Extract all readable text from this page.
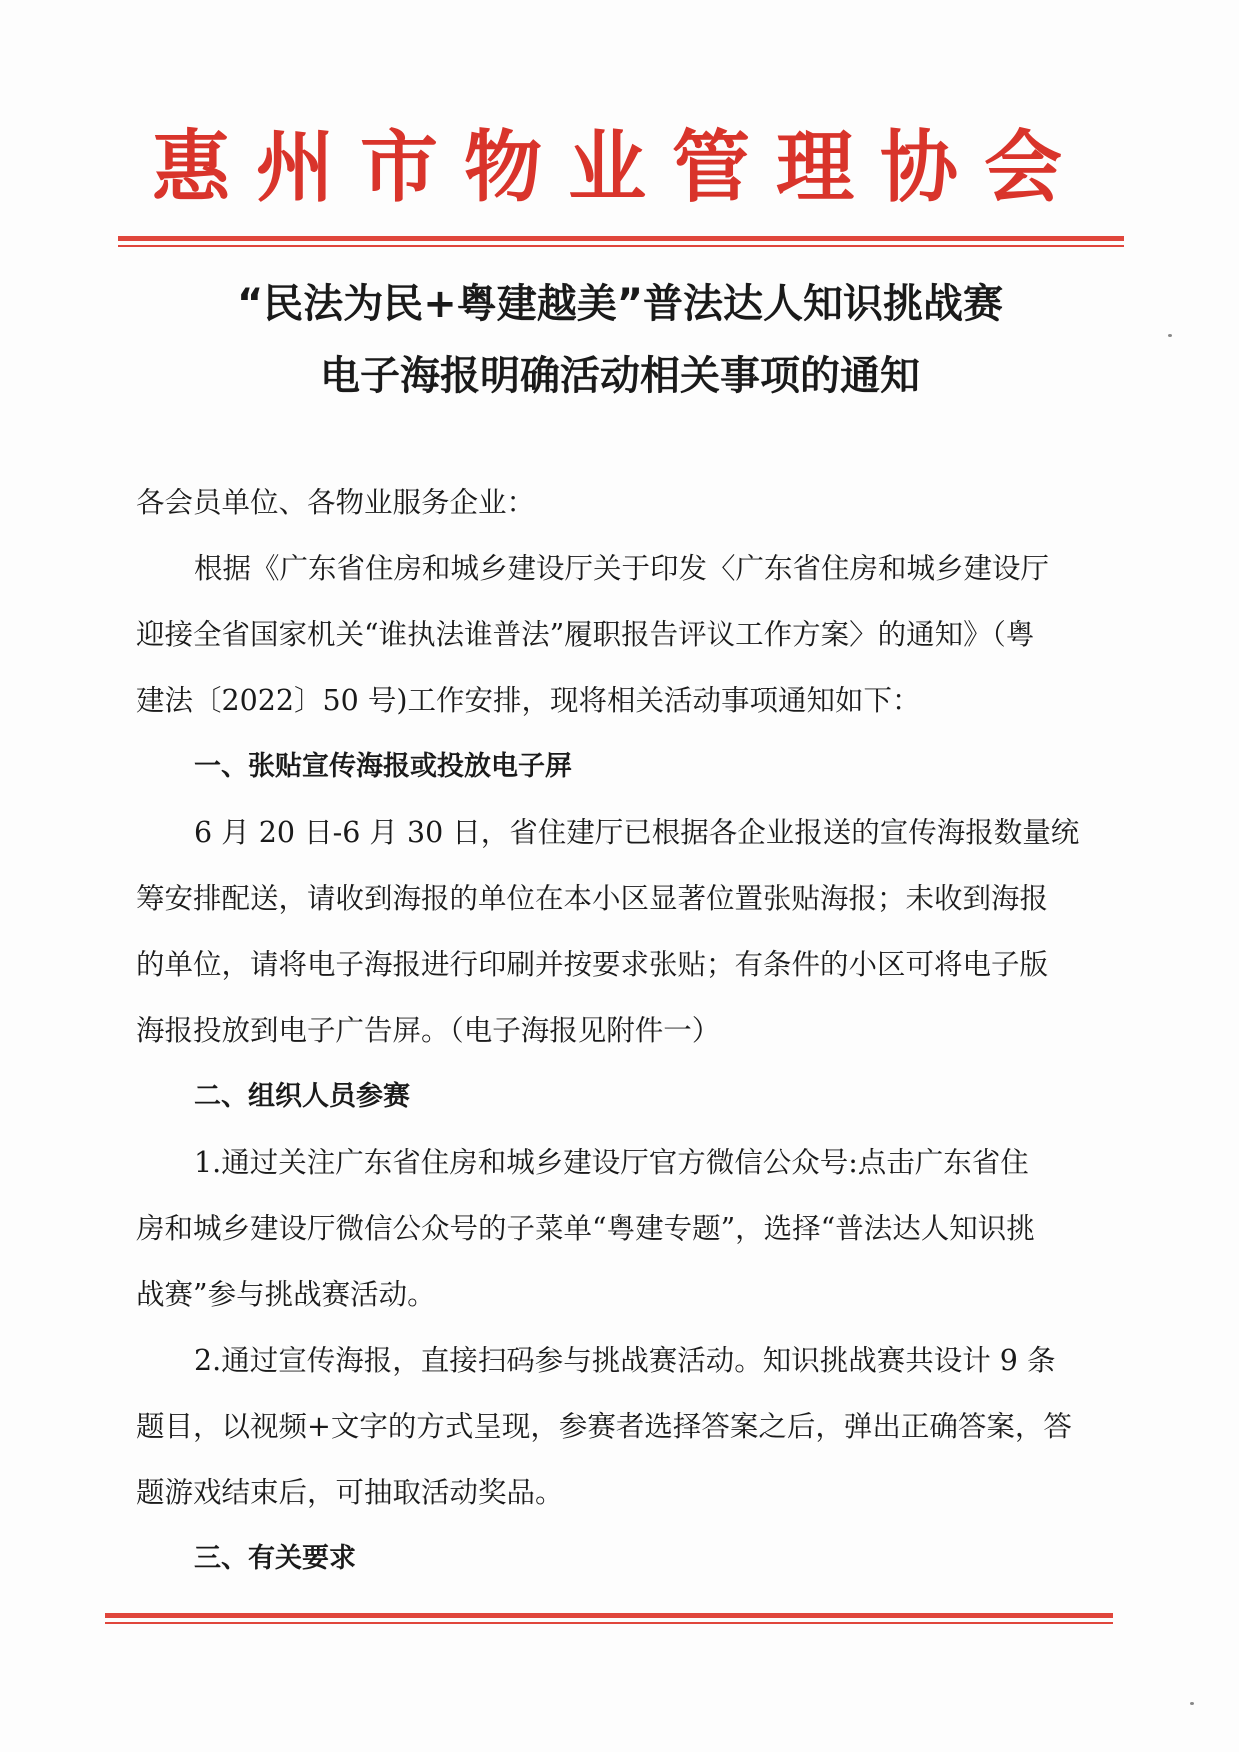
惠州市物业管理协会
“民法为民+粤建越美”普法达人知识挑战赛
电子海报明确活动相关事项的通知
各会员单位、各物业服务企业：
根据《广东省住房和城乡建设厅关于印发〈广东省住房和城乡建设厅
迎接全省国家机关“谁执法谁普法”履职报告评议工作方案〉的通知》（粤
建法〔2022〕50 号)工作安排，现将相关活动事项通知如下：
一、张贴宣传海报或投放电子屏
6 月 20 日-6 月 30 日，省住建厅已根据各企业报送的宣传海报数量统
筹安排配送，请收到海报的单位在本小区显著位置张贴海报；未收到海报
的单位，请将电子海报进行印刷并按要求张贴；有条件的小区可将电子版
海报投放到电子广告屏。（电子海报见附件一）
二、组织人员参赛
1.通过关注广东省住房和城乡建设厅官方微信公众号:点击广东省住
房和城乡建设厅微信公众号的子菜单“粤建专题”，选择“普法达人知识挑
战赛”参与挑战赛活动。
2.通过宣传海报，直接扫码参与挑战赛活动。知识挑战赛共设计 9 条
题目，以视频+文字的方式呈现，参赛者选择答案之后，弹出正确答案，答
题游戏结束后，可抽取活动奖品。
三、有关要求
